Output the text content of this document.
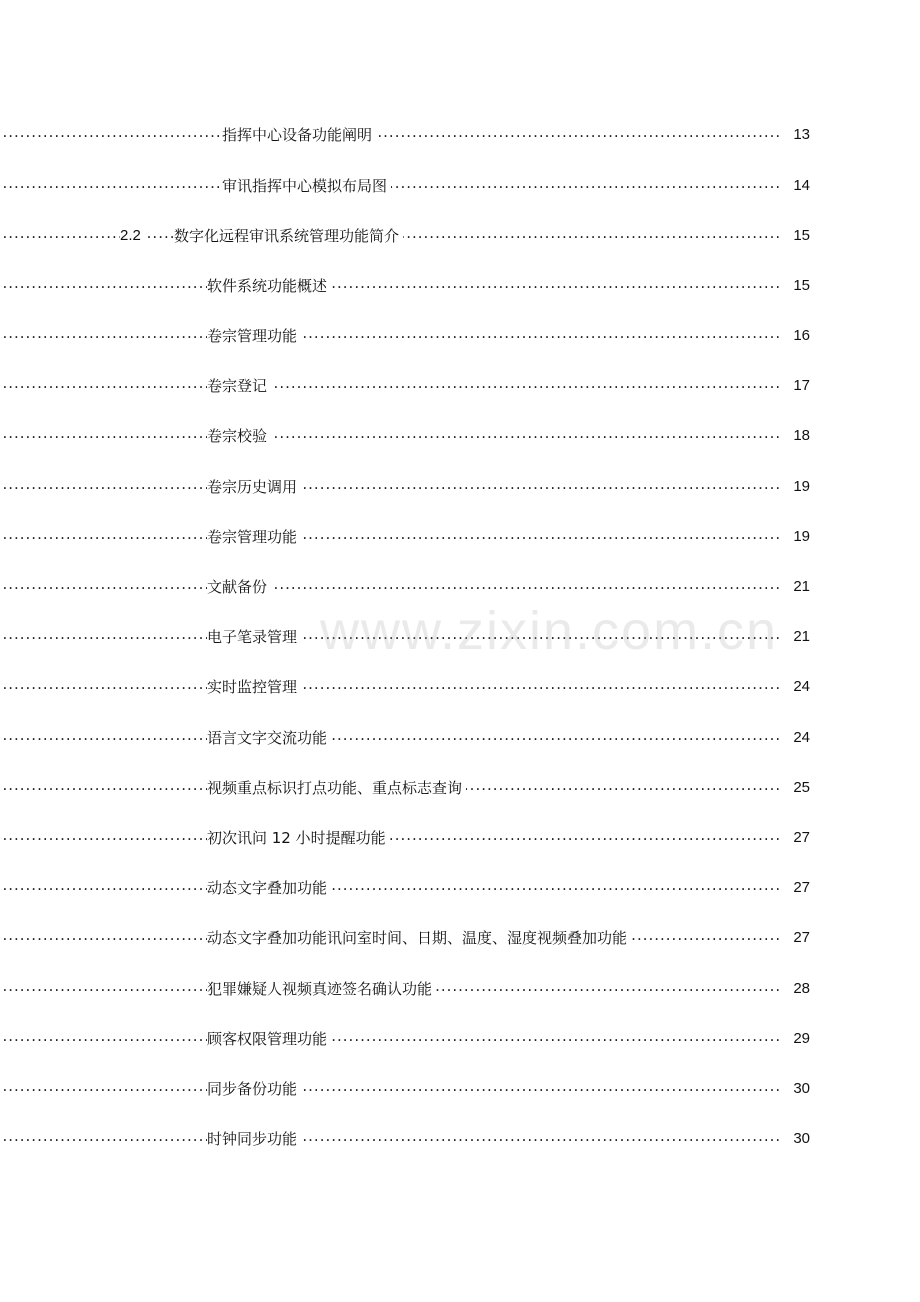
.....
指挥中心设备功能阐明	13
.....
审讯指挥中心模拟布局图	14
.....
2.2 数字化远程审讯系统管理功能简介	15
.....
软件系统功能概述	15
.....
卷宗管理功能	16
.....
卷宗登记	17
.....
卷宗校验	18
.....
卷宗历史调用	19
.....
卷宗管理功能	19
.....
文献备份	21
.....
电子笔录管理	21
.....
实时监控管理	24
.....
语言文字交流功能	24
.....
视频重点标识打点功能、重点标志查询	25
.....
初次讯问 12 小时提醒功能	27
.....
动态文字叠加功能	27
.....
动态文字叠加功能讯问室时间、日期、温度、湿度视频叠加功能	27
.....
犯罪嫌疑人视频真迹签名确认功能	28
.....
顾客权限管理功能	29
.....
同步备份功能	30
.....
时钟同步功能	30
www.zixin.com.cn
